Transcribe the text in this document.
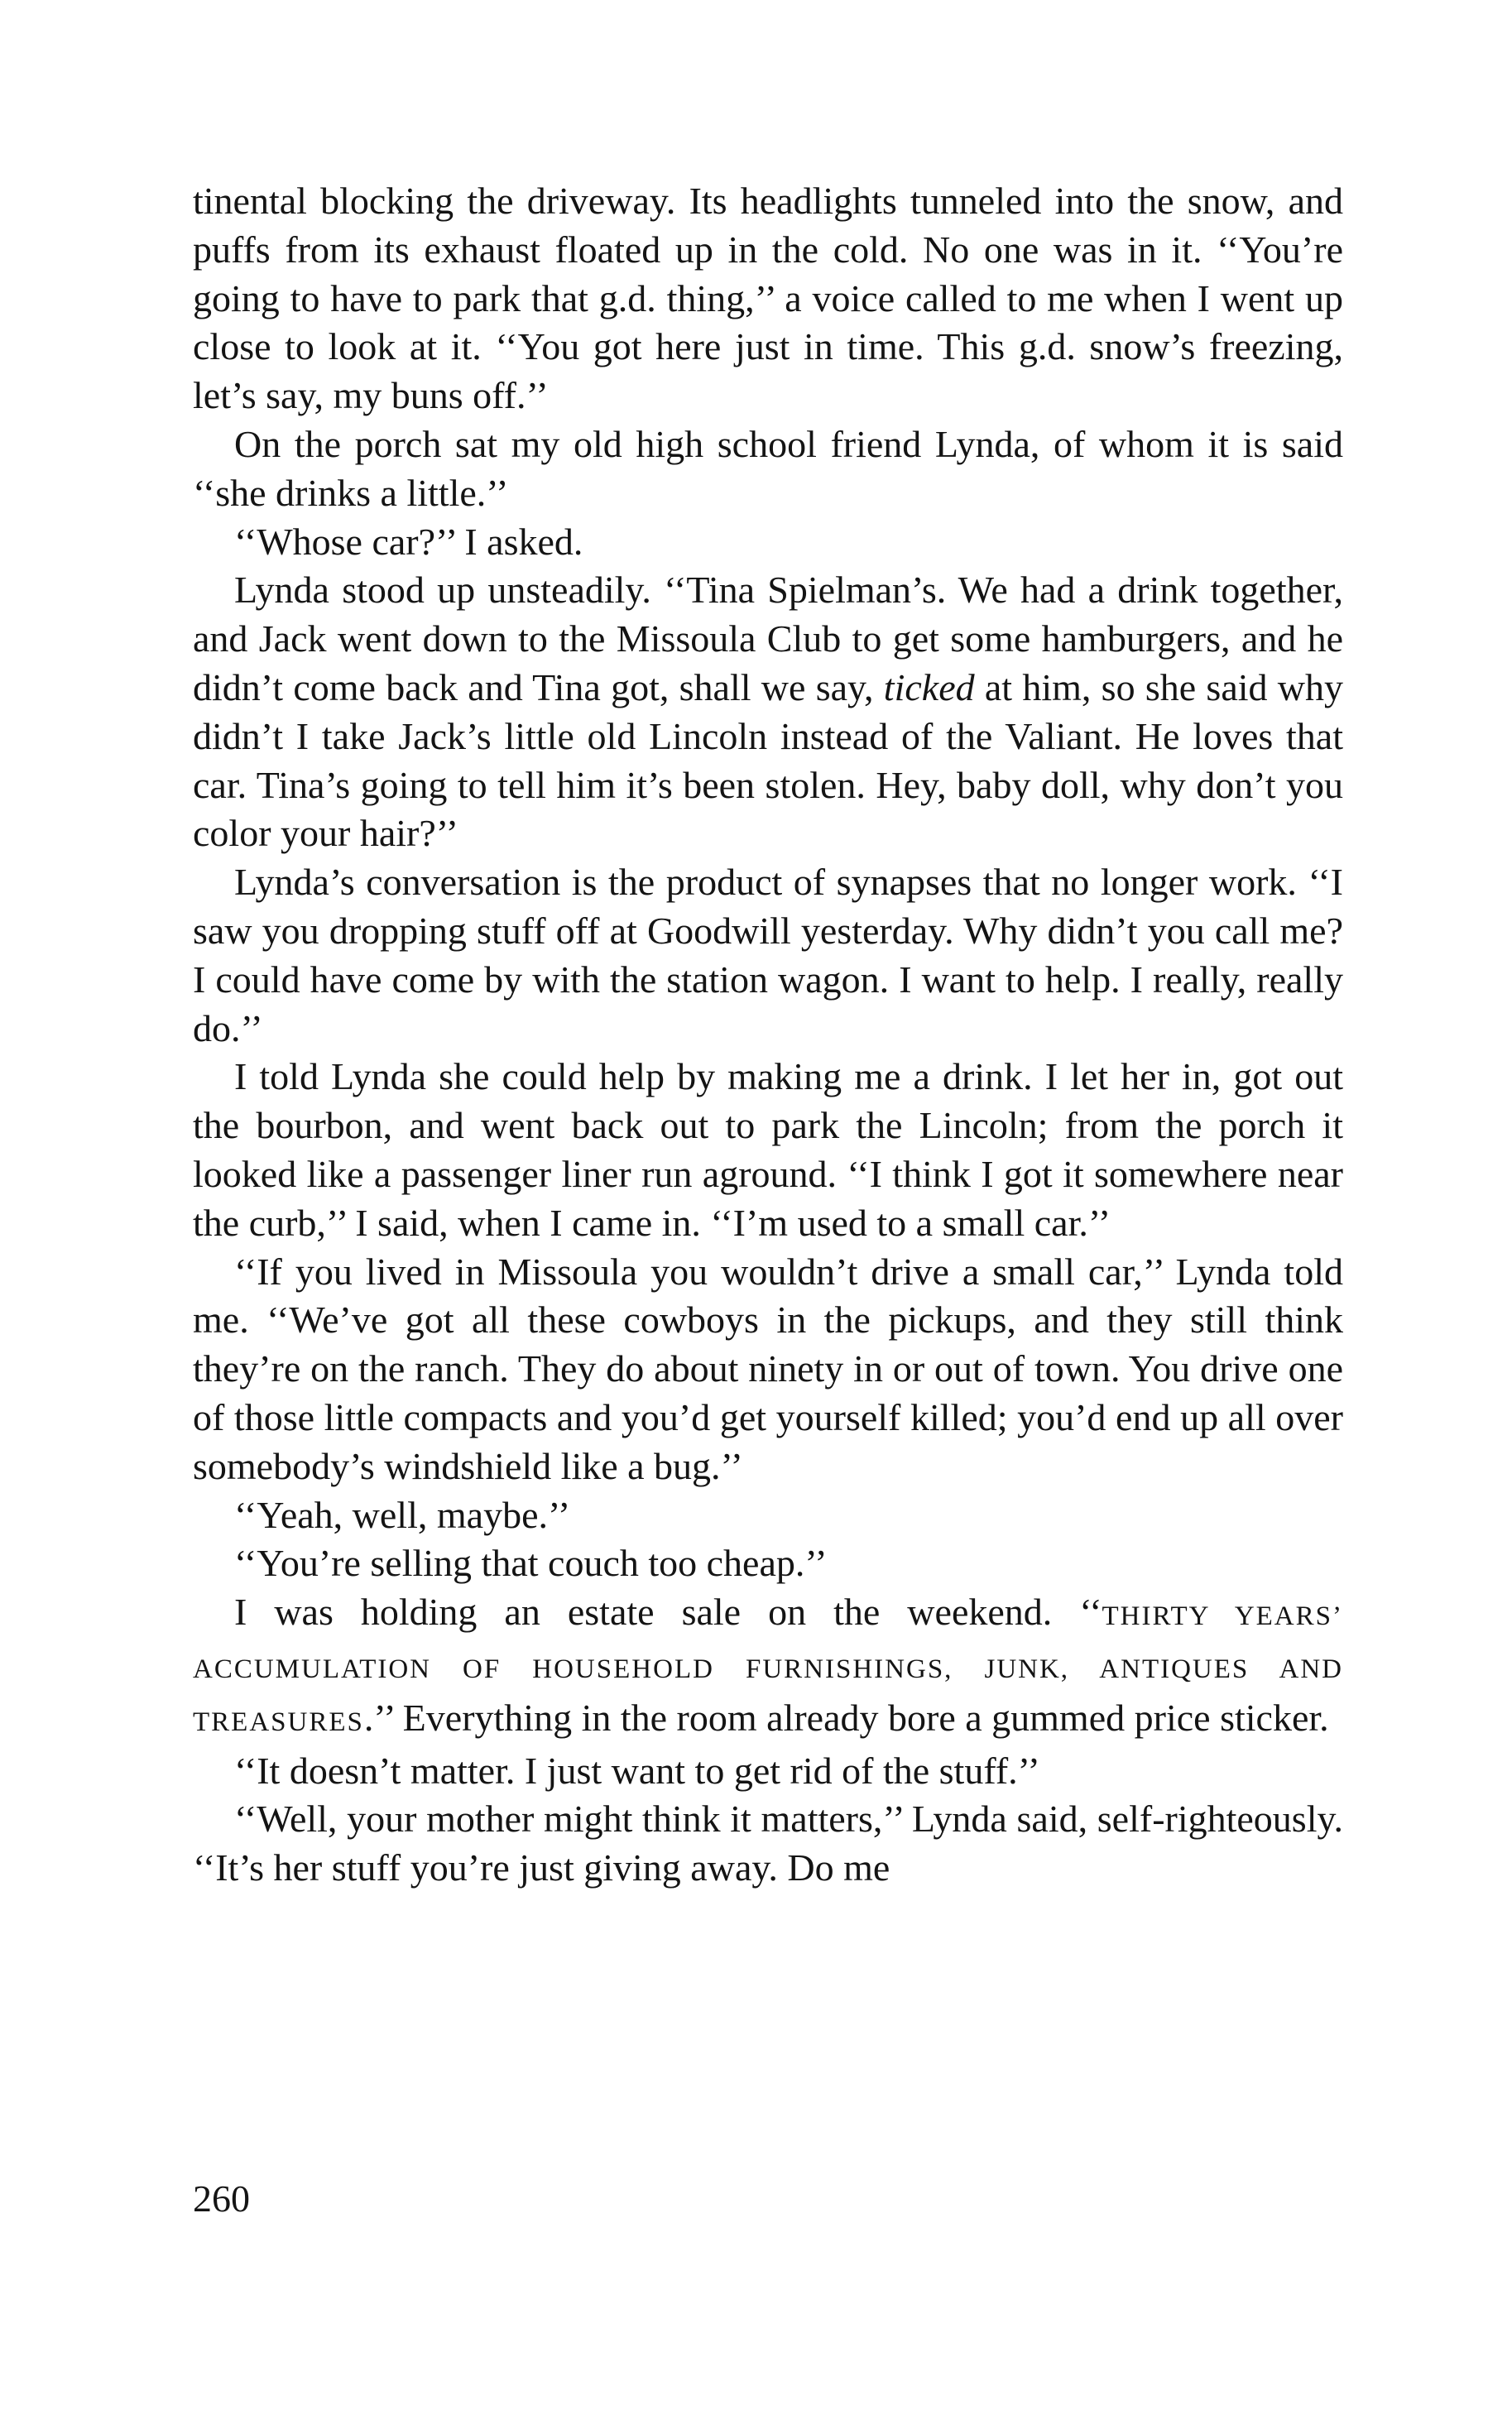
tinental blocking the driveway. Its headlights tunneled into the snow, and puffs from its exhaust floated up in the cold. No one was in it. ‘‘You’re going to have to park that g.d. thing,’’ a voice called to me when I went up close to look at it. ‘‘You got here just in time. This g.d. snow’s freezing, let’s say, my buns off.’’

On the porch sat my old high school friend Lynda, of whom it is said ‘‘she drinks a little.’’

‘‘Whose car?’’ I asked.

Lynda stood up unsteadily. ‘‘Tina Spielman’s. We had a drink together, and Jack went down to the Missoula Club to get some hamburgers, and he didn’t come back and Tina got, shall we say, ticked at him, so she said why didn’t I take Jack’s little old Lincoln instead of the Valiant. He loves that car. Tina’s going to tell him it’s been stolen. Hey, baby doll, why don’t you color your hair?’’

Lynda’s conversation is the product of synapses that no longer work. ‘‘I saw you dropping stuff off at Goodwill yesterday. Why didn’t you call me? I could have come by with the station wagon. I want to help. I really, really do.’’

I told Lynda she could help by making me a drink. I let her in, got out the bourbon, and went back out to park the Lincoln; from the porch it looked like a passenger liner run aground. ‘‘I think I got it somewhere near the curb,’’ I said, when I came in. ‘‘I’m used to a small car.’’

‘‘If you lived in Missoula you wouldn’t drive a small car,’’ Lynda told me. ‘‘We’ve got all these cowboys in the pickups, and they still think they’re on the ranch. They do about ninety in or out of town. You drive one of those little compacts and you’d get yourself killed; you’d end up all over somebody’s windshield like a bug.’’

‘‘Yeah, well, maybe.’’

‘‘You’re selling that couch too cheap.’’

I was holding an estate sale on the weekend. ‘‘THIRTY YEARS’ ACCUMULATION OF HOUSEHOLD FURNISHINGS, JUNK, ANTIQUES AND TREASURES.’’ Everything in the room already bore a gummed price sticker.

‘‘It doesn’t matter. I just want to get rid of the stuff.’’

‘‘Well, your mother might think it matters,’’ Lynda said, self-righteously. ‘‘It’s her stuff you’re just giving away. Do me

260
